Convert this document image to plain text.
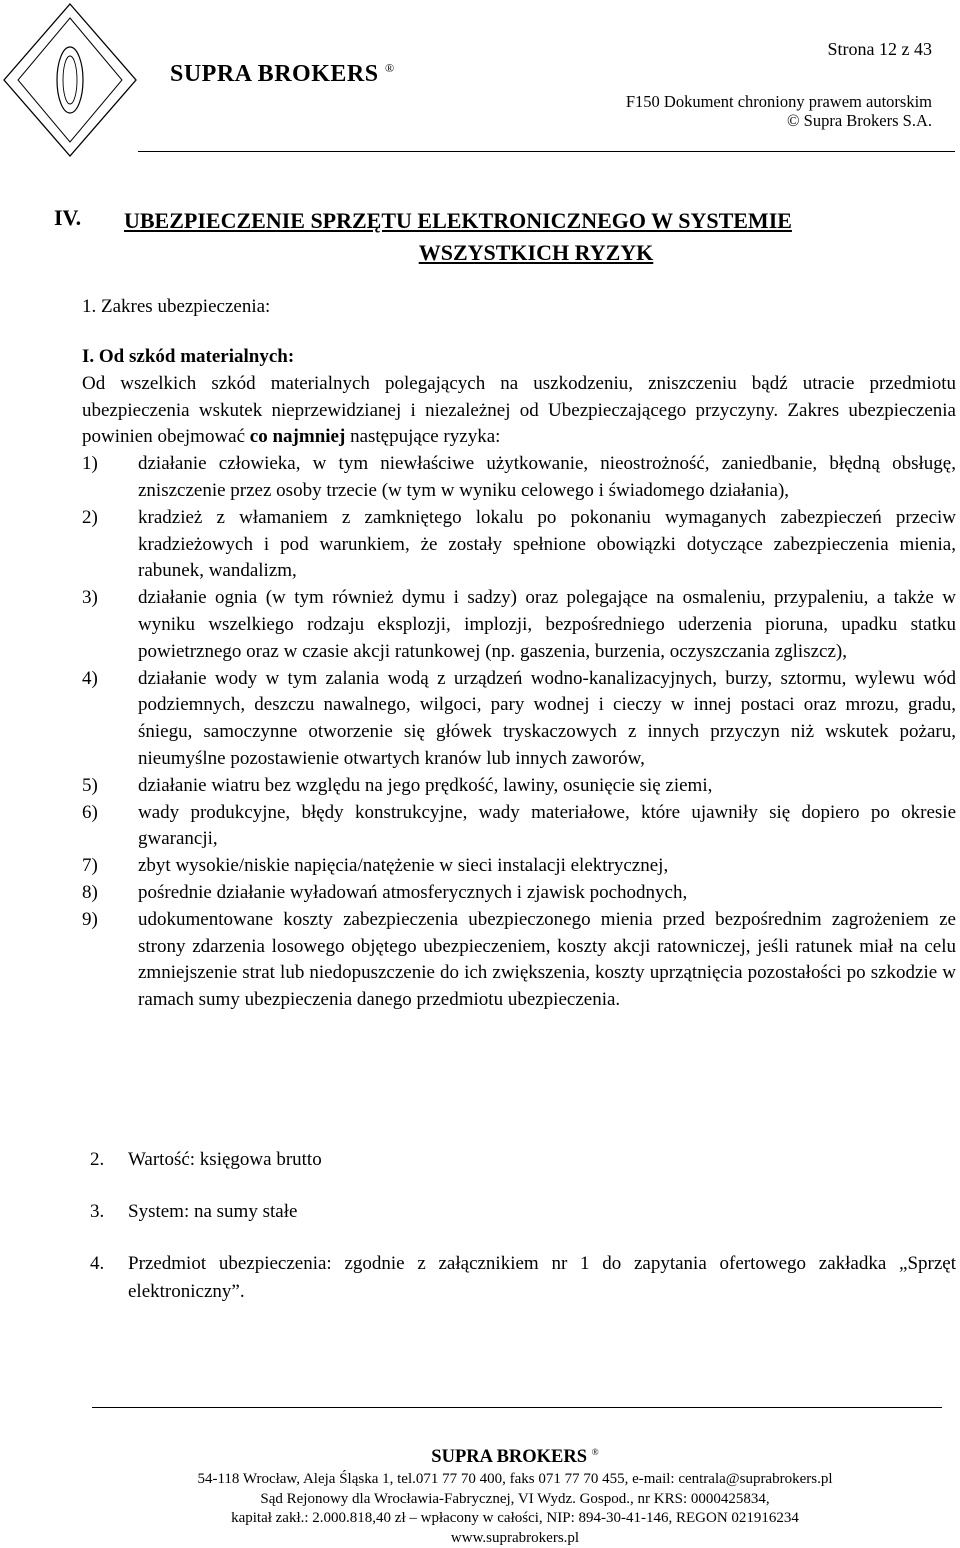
SUPRA BROKERS ®
Strona 12 z 43
F150 Dokument chroniony prawem autorskim
© Supra Brokers S.A.
IV. UBEZPIECZENIE SPRZĘTU ELEKTRONICZNEGO W SYSTEMIE
WSZYSTKICH RYZYK
1. Zakres ubezpieczenia:
I. Od szkód materialnych:

Od wszelkich szkód materialnych polegających na uszkodzeniu, zniszczeniu bądź utracie przedmiotu ubezpieczenia wskutek nieprzewidzianej i niezależnej od Ubezpieczającego przyczyny. Zakres ubezpieczenia powinien obejmować co najmniej następujące ryzyka:

1)	działanie człowieka, w tym niewłaściwe użytkowanie, nieostrożność, zaniedbanie, błędną obsługę, zniszczenie przez osoby trzecie (w tym w wyniku celowego i świadomego działania),
2)	kradzież z włamaniem z zamkniętego lokalu po pokonaniu wymaganych zabezpieczeń przeciw kradzieżowych i pod warunkiem, że zostały spełnione obowiązki dotyczące zabezpieczenia mienia, rabunek, wandalizm,
3)	działanie ognia (w tym również dymu i sadzy) oraz polegające na osmaleniu, przypaleniu, a także w wyniku wszelkiego rodzaju eksplozji, implozji, bezpośredniego uderzenia pioruna, upadku statku powietrznego oraz w czasie akcji ratunkowej (np. gaszenia, burzenia, oczyszczania zgliszcz),
4)	działanie wody w tym zalania wodą z urządzeń wodno-kanalizacyjnych, burzy, sztormu, wylewu wód podziemnych, deszczu nawalnego, wilgoci, pary wodnej i cieczy w innej postaci oraz mrozu, gradu, śniegu, samoczynne otworzenie się główek tryskaczowych z innych przyczyn niż wskutek pożaru, nieumyślne pozostawienie otwartych kranów lub innych zaworów,
5)	działanie wiatru bez względu na jego prędkość, lawiny, osunięcie się ziemi,
6)	wady produkcyjne, błędy konstrukcyjne, wady materiałowe, które ujawniły się dopiero po okresie gwarancji,
7)	zbyt wysokie/niskie napięcia/natężenie w sieci instalacji elektrycznej,
8)	pośrednie działanie wyładowań atmosferycznych i zjawisk pochodnych,
9)	udokumentowane koszty zabezpieczenia ubezpieczonego mienia przed bezpośrednim zagrożeniem ze strony zdarzenia losowego objętego ubezpieczeniem, koszty akcji ratowniczej, jeśli ratunek miał na celu zmniejszenie strat lub niedopuszczenie do ich zwiększenia, koszty uprzątnięcia pozostałości po szkodzie w ramach sumy ubezpieczenia danego przedmiotu ubezpieczenia.
2. Wartość: księgowa brutto
3. System: na sumy stałe
4.	Przedmiot ubezpieczenia: zgodnie z załącznikiem nr 1 do zapytania ofertowego zakładka „Sprzęt elektroniczny”.
SUPRA BROKERS ®
54-118 Wrocław, Aleja Śląska 1, tel.071 77 70 400, faks 071 77 70 455, e-mail: centrala@suprabrokers.pl
Sąd Rejonowy dla Wrocławia-Fabrycznej, VI Wydz. Gospod., nr KRS: 0000425834,
kapitał zakł.: 2.000.818,40 zł – wpłacony w całości, NIP: 894-30-41-146, REGON 021916234
www.suprabrokers.pl
